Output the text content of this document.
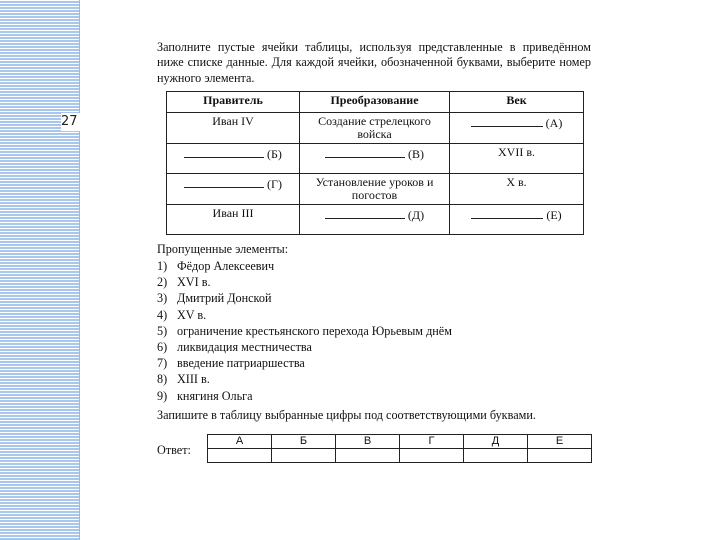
27

Заполните пустые ячейки таблицы, используя представленные в приведённом ниже списке данные. Для каждой ячейки, обозначенной буквами, выберите номер нужного элемента.

Правитель	Преобразование	Век
Иван IV	Создание стрелецкого войска	(А)
(Б)	(В)	XVII в.
(Г)	Установление уроков и погостов	X в.
Иван III	(Д)	(Е)

Пропущенные элементы:

1) Фёдор Алексеевич
2) XVI в.
3) Дмитрий Донской
4) XV в.
5) ограничение крестьянского перехода Юрьевым днём
6) ликвидация местничества
7) введение патриаршества
8) XIII в.
9) княгиня Ольга

Запишите в таблицу выбранные цифры под соответствующими буквами.

Ответ:
А	Б	В	Г	Д	Е
